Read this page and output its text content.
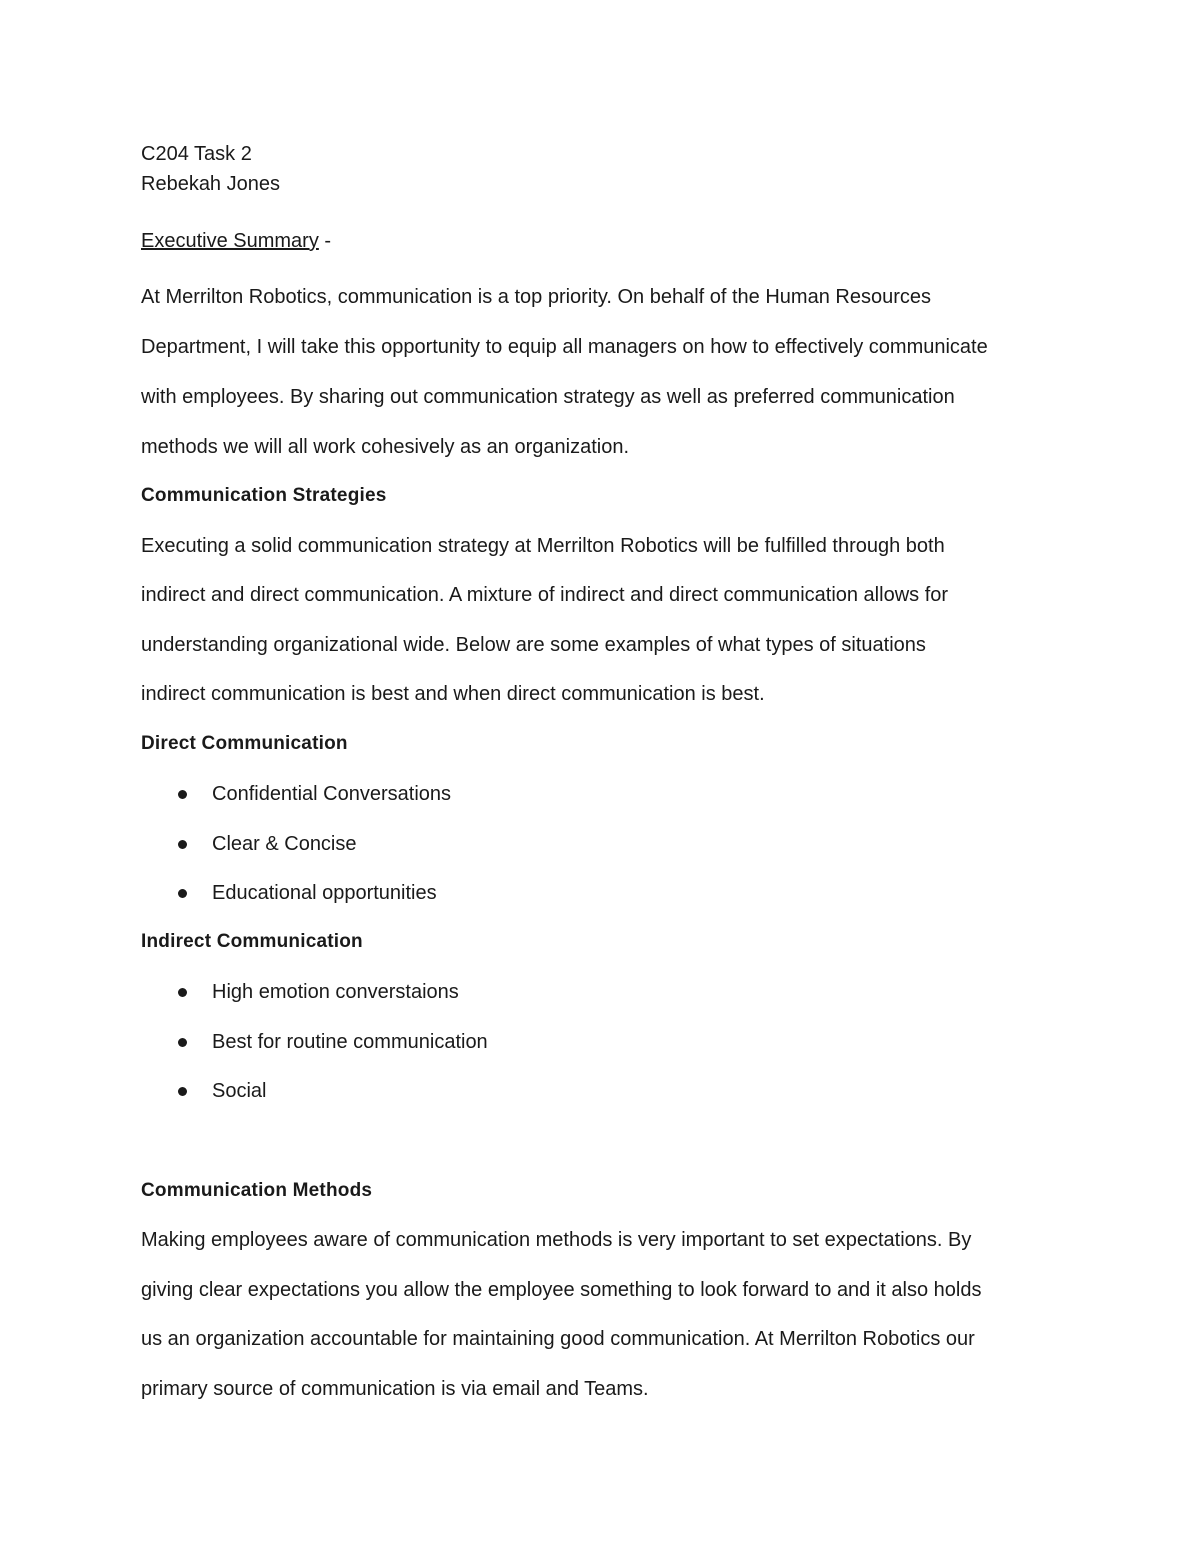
C204 Task 2

Rebekah Jones

Executive Summary -

At Merrilton Robotics, communication is a top priority. On behalf of the Human Resources

Department, I will take this opportunity to equip all managers on how to effectively communicate

with employees. By sharing out communication strategy as well as preferred communication

methods we will all work cohesively as an organization.

Communication Strategies

Executing a solid communication strategy at Merrilton Robotics will be fulfilled through both

indirect and direct communication. A mixture of indirect and direct communication allows for

understanding organizational wide. Below are some examples of what types of situations

indirect communication is best and when direct communication is best.

Direct Communication

Confidential Conversations
Clear & Concise
Educational opportunities

Indirect Communication

High emotion converstaions
Best for routine communication
Social

Communication Methods

Making employees aware of communication methods is very important to set expectations. By

giving clear expectations you allow the employee something to look forward to and it also holds

us an organization accountable for maintaining good communication. At Merrilton Robotics our

primary source of communication is via email and Teams.
